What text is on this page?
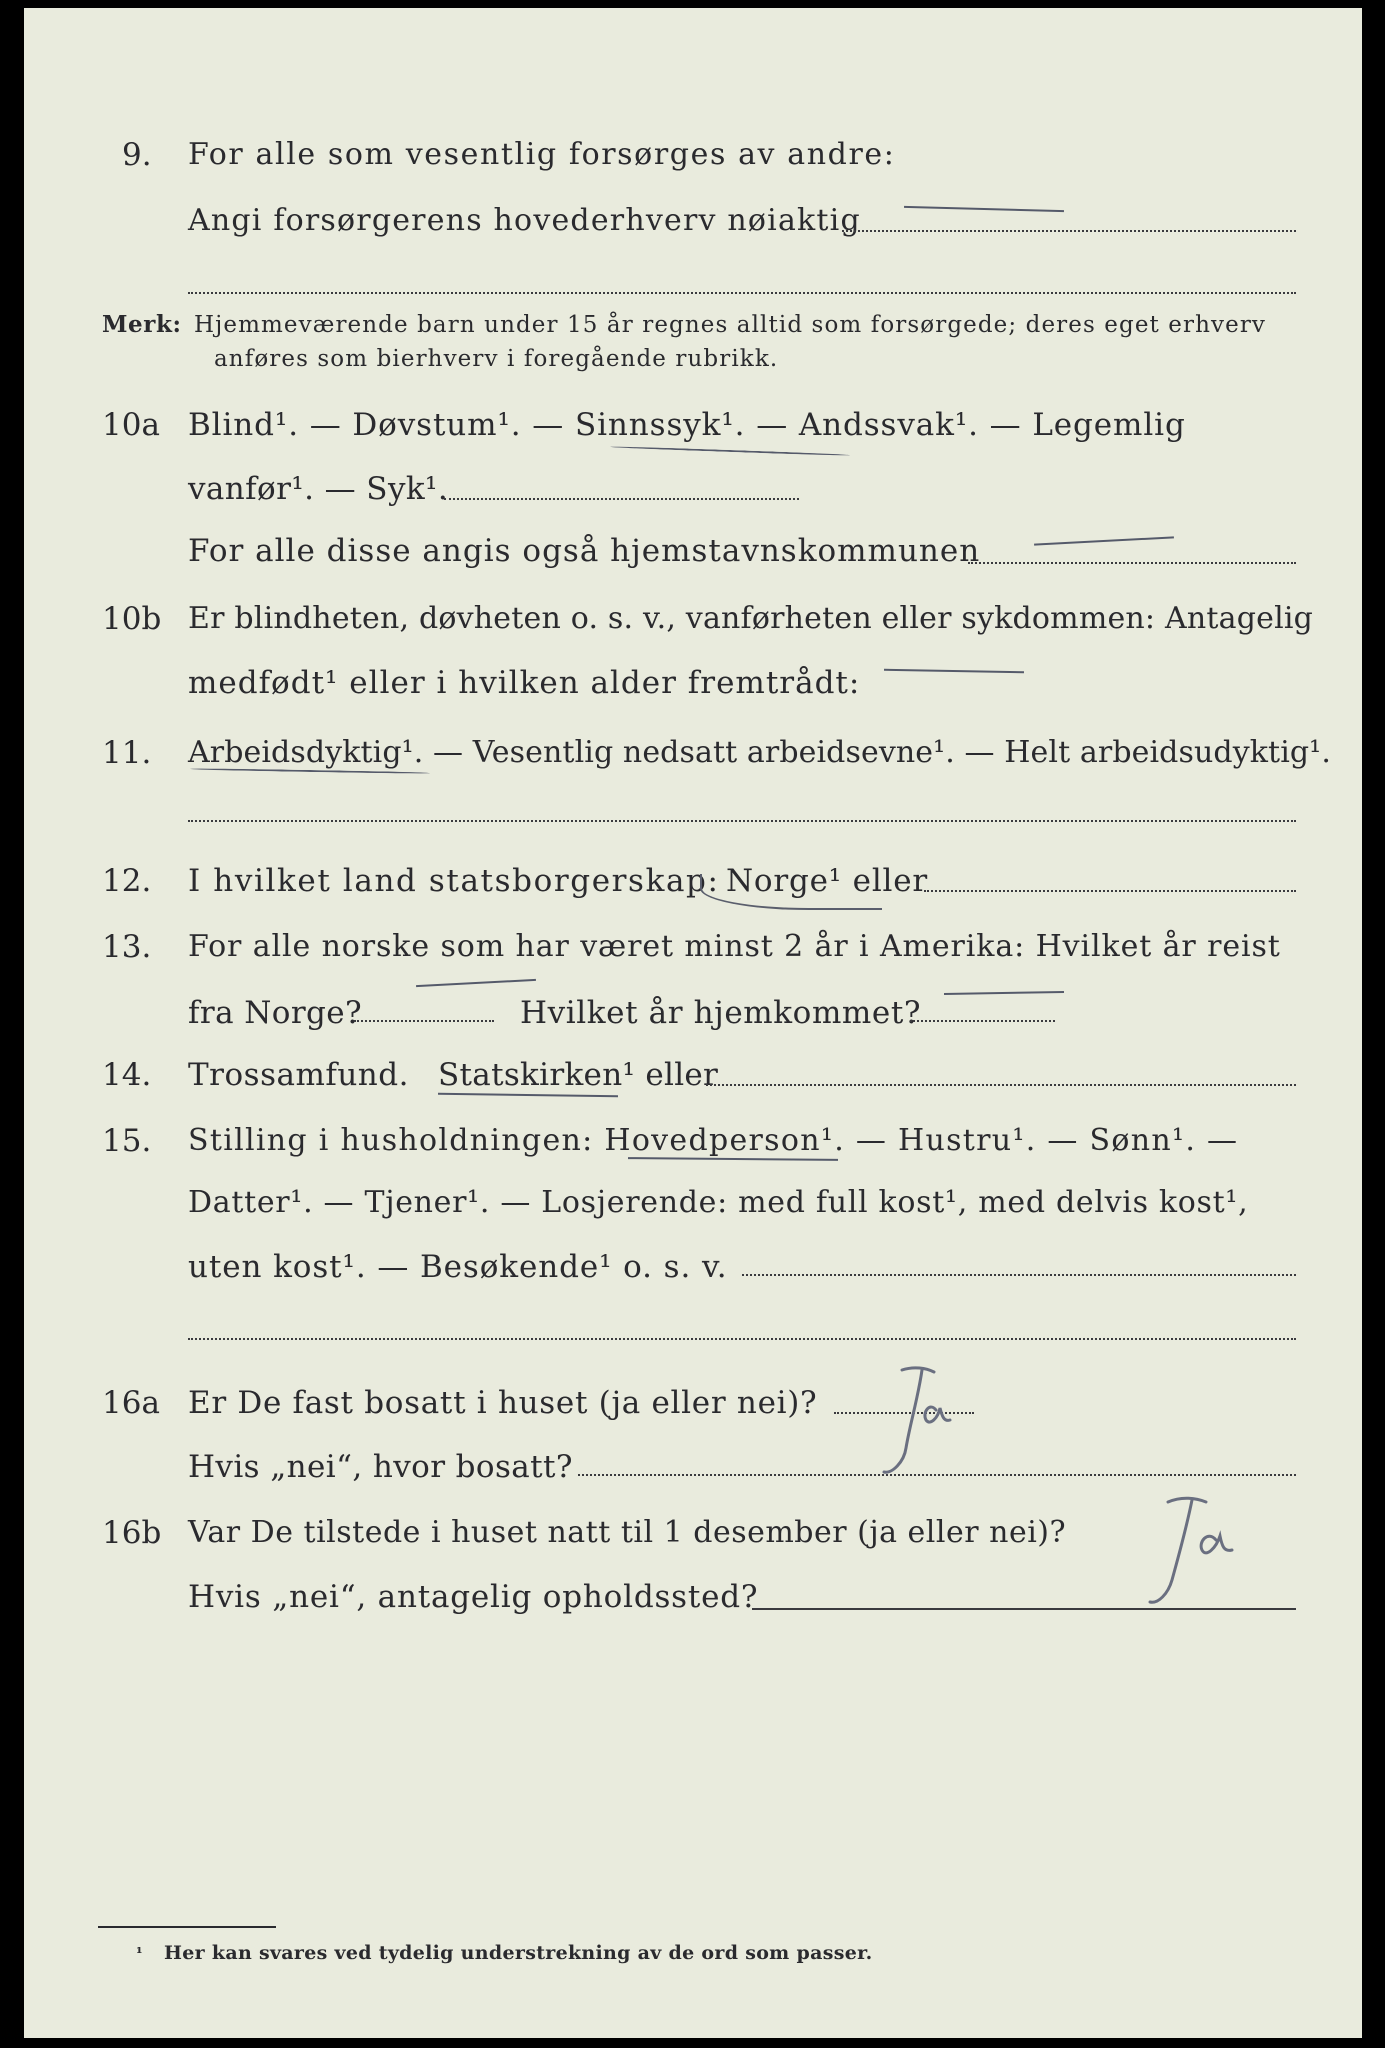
9. For alle som vesentlig forsørges av andre:
Angi forsørgerens hovederhverv nøiaktig
Merk: Hjemmeværende barn under 15 år regnes alltid som forsørgede; deres eget erhverv
anføres som bierhverv i foregående rubrikk.
10a Blind¹. — Døvstum¹. — Sinnssyk¹. — Andssvak¹. — Legemlig
vanfør¹. — Syk¹.
For alle disse angis også hjemstavnskommunen
10b Er blindheten, døvheten o. s. v., vanførheten eller sykdommen: Antagelig
medfødt¹ eller i hvilken alder fremtrådt:
11. Arbeidsdyktig¹. — Vesentlig nedsatt arbeidsevne¹. — Helt arbeidsudyktig¹.
12. I hvilket land statsborgerskap: Norge¹ eller
13. For alle norske som har været minst 2 år i Amerika: Hvilket år reist
fra Norge?	Hvilket år hjemkommet?
14. Trossamfund. Statskirken¹ eller
15. Stilling i husholdningen: Hovedperson¹. — Hustru¹. — Sønn¹. —
Datter¹. — Tjener¹. — Losjerende: med full kost¹, med delvis kost¹,
uten kost¹. — Besøkende¹ o. s. v.
16a Er De fast bosatt i huset (ja eller nei)?
Hvis „nei“, hvor bosatt?
16b Var De tilstede i huset natt til 1 desember (ja eller nei)?
Hvis „nei“, antagelig opholdssted?
¹ Her kan svares ved tydelig understrekning av de ord som passer.
